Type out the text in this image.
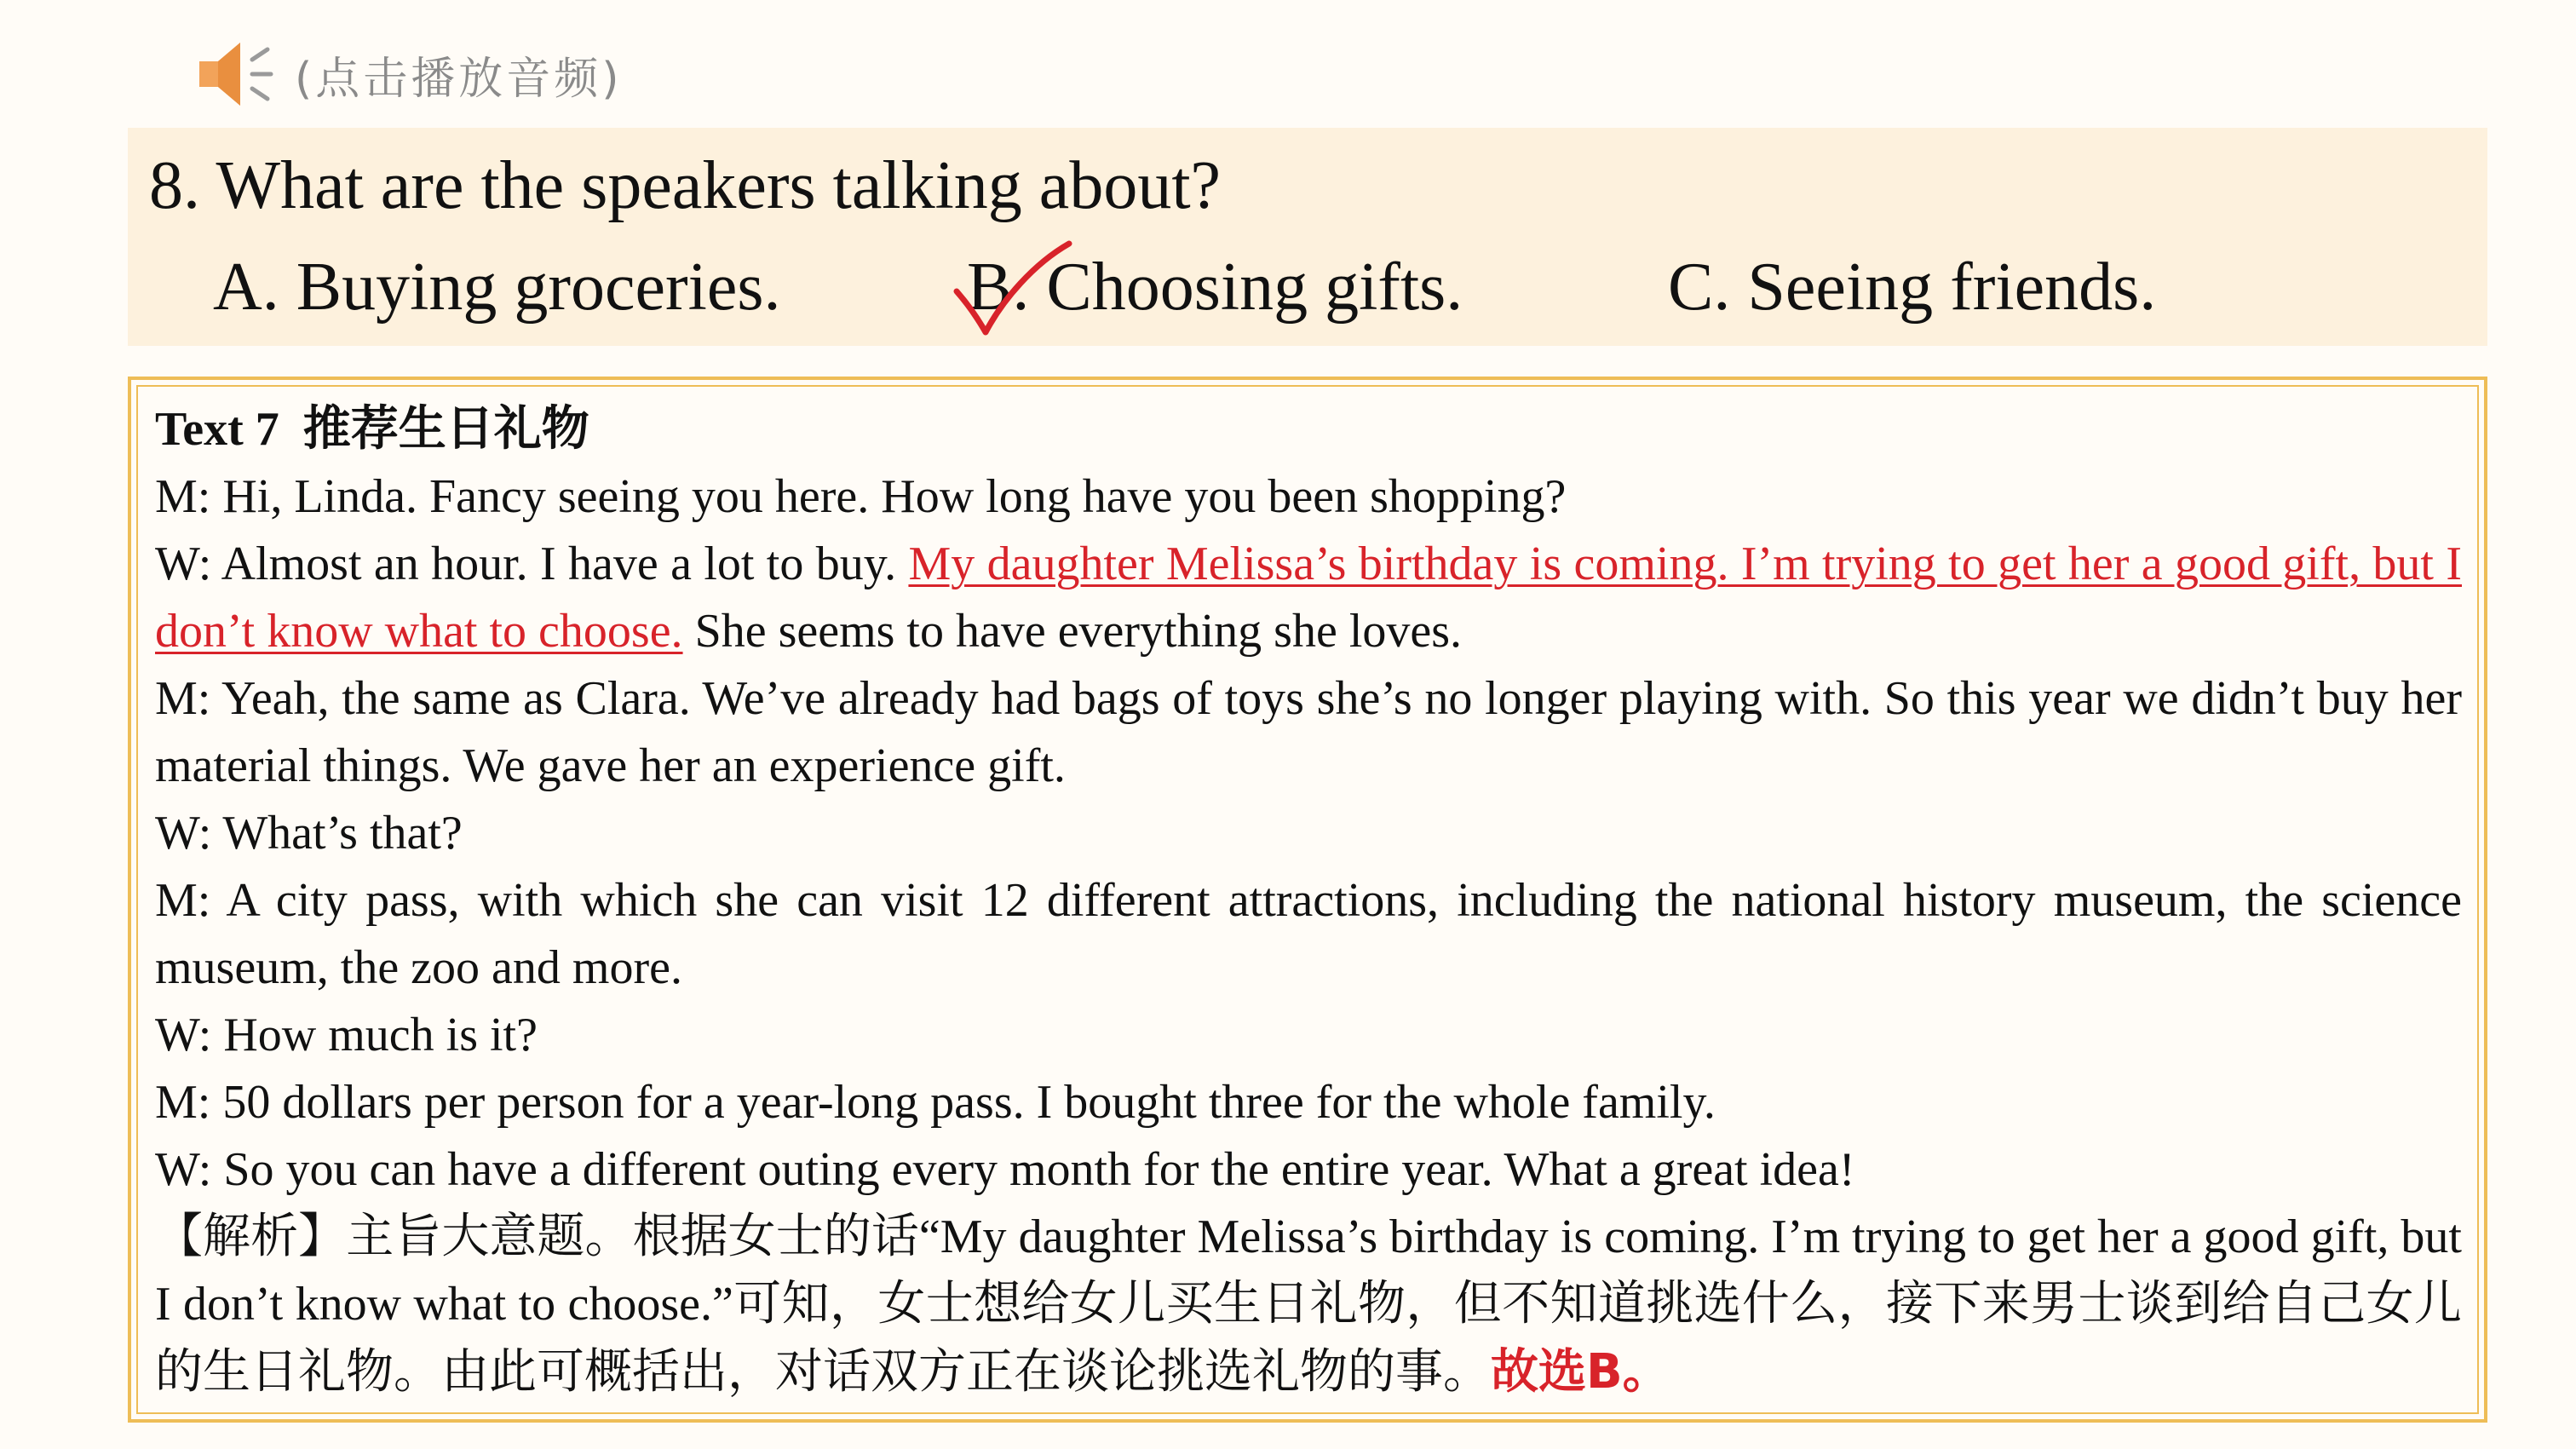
(点击播放音频)
8. What are the speakers talking about?
A. Buying groceries.	B. Choosing gifts.	C. Seeing friends.
Text 7 推荐生日礼物
M: Hi, Linda. Fancy seeing you here. How long have you been shopping?
W: Almost an hour. I have a lot to buy. My daughter Melissa’s birthday is coming. I’m trying to get her a good gift, but I don’t know what to choose. She seems to have everything she loves.
M: Yeah, the same as Clara. We’ve already had bags of toys she’s no longer playing with. So this year we didn’t buy her material things. We gave her an experience gift.
W: What’s that?
M: A city pass, with which she can visit 12 different attractions, including the national history museum, the science museum, the zoo and more.
W: How much is it?
M: 50 dollars per person for a year-long pass. I bought three for the whole family.
W: So you can have a different outing every month for the entire year. What a great idea!
【解析】主旨大意题。根据女士的话“My daughter Melissa’s birthday is coming. I’m trying to get her a good gift, but I don’t know what to choose.”可知，女士想给女儿买生日礼物，但不知道挑选什么，接下来男士谈到给自己女儿的生日礼物。由此可概括出，对话双方正在谈论挑选礼物的事。故选B。
